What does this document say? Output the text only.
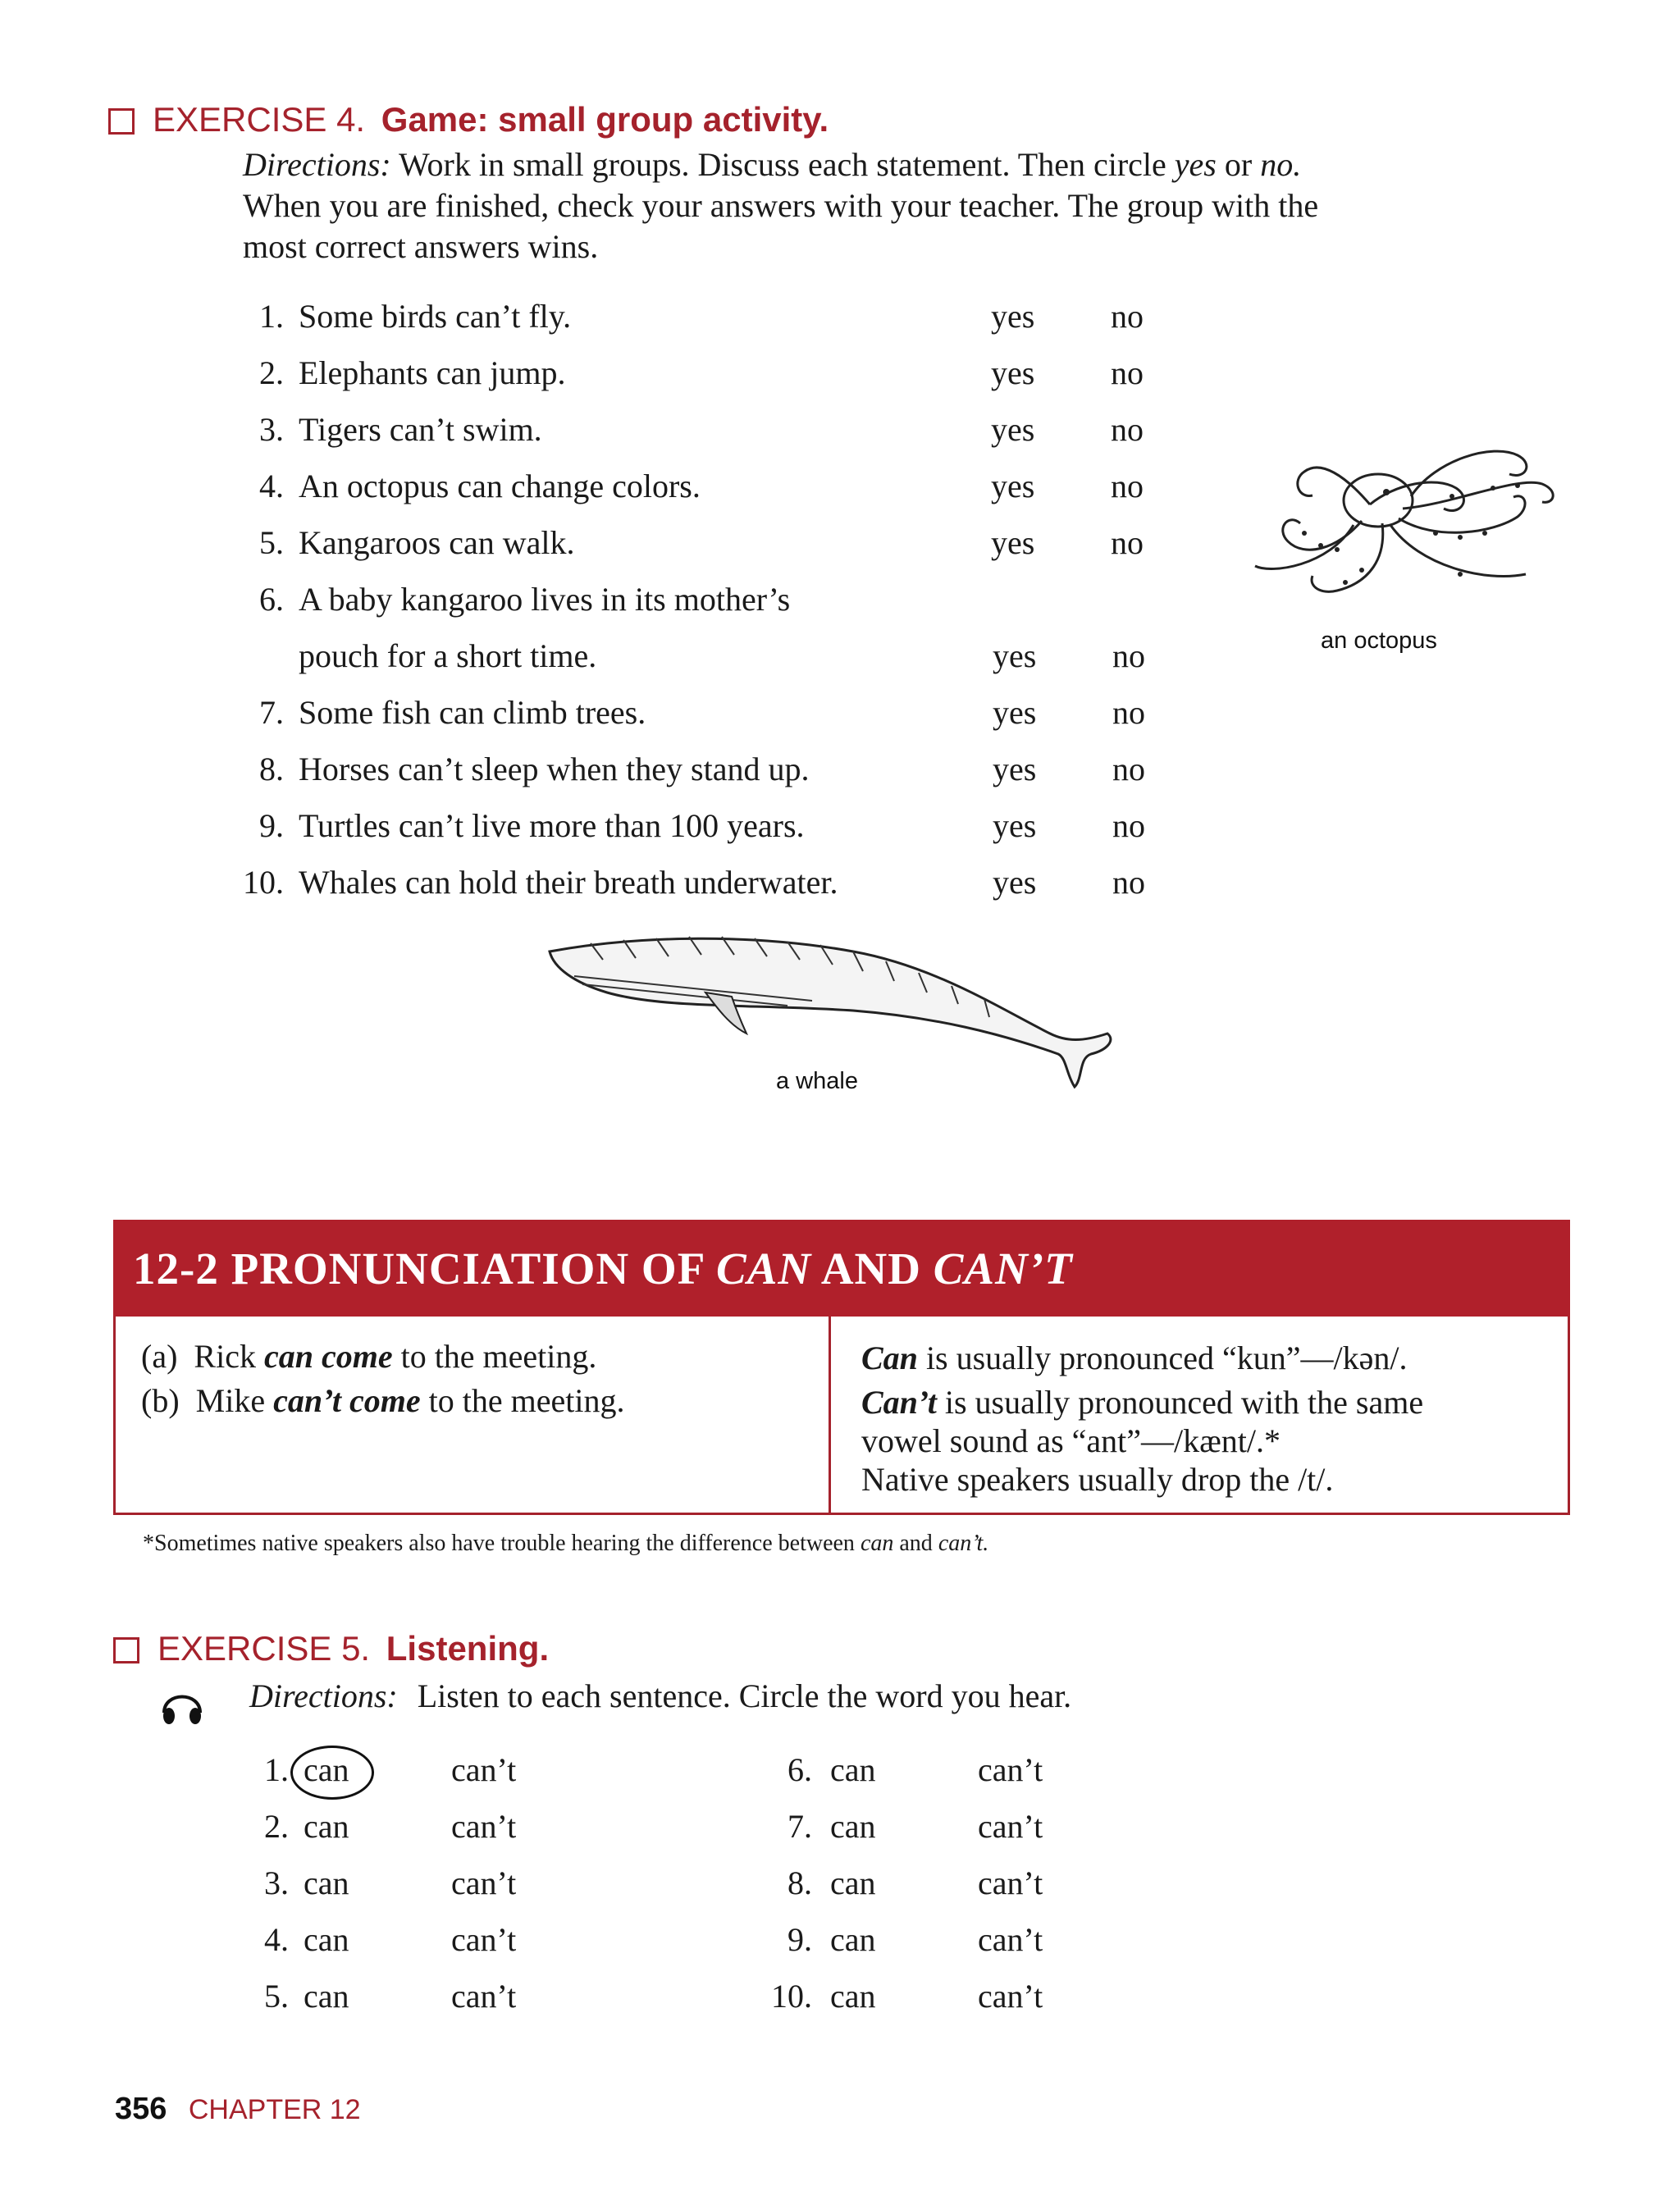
EXERCISE 4. Game: small group activity.
Directions: Work in small groups. Discuss each statement. Then circle yes or no.
When you are finished, check your answers with your teacher. The group with the
most correct answers wins.
1. Some birds can’t fly.	yes no
2. Elephants can jump.	yes no
3. Tigers can’t swim.	yes no
4. An octopus can change colors.	yes no
5. Kangaroos can walk.	yes no
6. A baby kangaroo lives in its mother’s
pouch for a short time.	yes no
7. Some fish can climb trees.	yes no
8. Horses can’t sleep when they stand up.	yes no
9. Turtles can’t live more than 100 years.	yes no
10. Whales can hold their breath underwater.	yes no
an octopus
a whale
12-2 PRONUNCIATION OF CAN AND CAN’T
(a) Rick can come to the meeting.
(b) Mike can’t come to the meeting.
Can is usually pronounced “kun”—/kən/.
Can’t is usually pronounced with the same
vowel sound as “ant”—/kænt/.*
Native speakers usually drop the /t/.
*Sometimes native speakers also have trouble hearing the difference between can and can’t.
EXERCISE 5. Listening.
Directions: Listen to each sentence. Circle the word you hear.
1. can	can’t
2. can	can’t
3. can	can’t
4. can	can’t
5. can	can’t
6. can	can’t
7. can	can’t
8. can	can’t
9. can	can’t
10. can	can’t
356 CHAPTER 12
